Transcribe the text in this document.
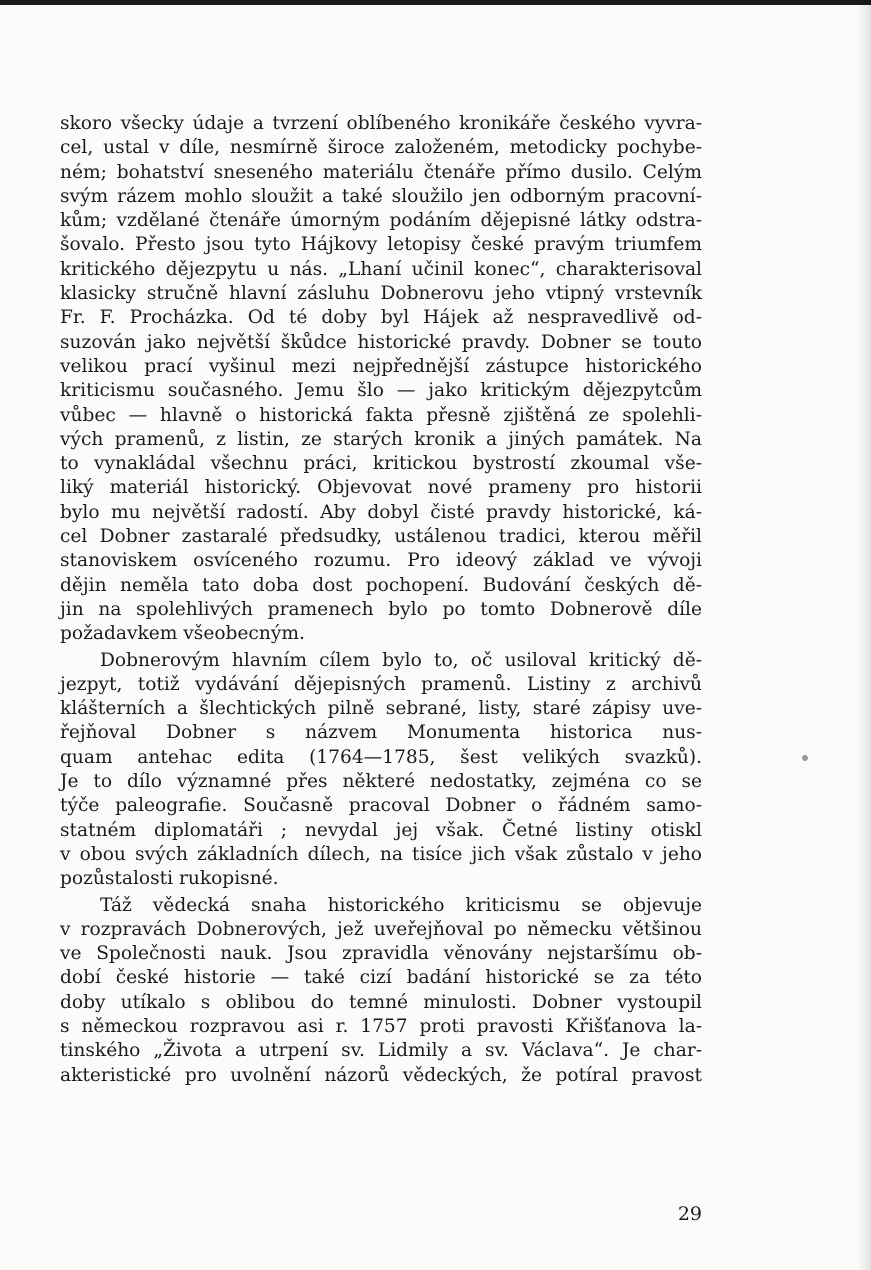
skoro všecky údaje a tvrzení oblíbeného kronikáře českého vyvra-
cel, ustal v díle, nesmírně široce založeném, metodicky pochybe-
ném; bohatství sneseného materiálu čtenáře přímo dusilo. Celým
svým rázem mohlo sloužit a také sloužilo jen odborným pracovní-
kům; vzdělané čtenáře úmorným podáním dějepisné látky odstra-
šovalo. Přesto jsou tyto Hájkovy letopisy české pravým triumfem
kritického dějezpytu u nás. „Lhaní učinil konec“, charakterisoval
klasicky stručně hlavní zásluhu Dobnerovu jeho vtipný vrstevník
Fr. F. Procházka. Od té doby byl Hájek až nespravedlivě od-
suzován jako největší škůdce historické pravdy. Dobner se touto
velikou prací vyšinul mezi nejpřednější zástupce historického
kriticismu současného. Jemu šlo — jako kritickým dějezpytcům
vůbec — hlavně o historická fakta přesně zjištěná ze spolehli-
vých pramenů, z listin, ze starých kronik a jiných památek. Na
to vynakládal všechnu práci, kritickou bystrostí zkoumal vše-
liký materiál historický. Objevovat nové prameny pro historii
bylo mu největší radostí. Aby dobyl čisté pravdy historické, ká-
cel Dobner zastaralé předsudky, ustálenou tradici, kterou měřil
stanoviskem osvíceného rozumu. Pro ideový základ ve vývoji
dějin neměla tato doba dost pochopení. Budování českých dě-
jin na spolehlivých pramenech bylo po tomto Dobnerově díle
požadavkem všeobecným.
Dobnerovým hlavním cílem bylo to, oč usiloval kritický dě-
jezpyt, totiž vydávání dějepisných pramenů. Listiny z archivů
klášterních a šlechtických pilně sebrané, listy, staré zápisy uve-
řejňoval Dobner s názvem Monumenta historica nus-
quam antehac edita (1764—1785, šest velikých svazků).
Je to dílo významné přes některé nedostatky, zejména co se
týče paleografie. Současně pracoval Dobner o řádném samo-
statném diplomatáři ; nevydal jej však. Četné listiny otiskl
v obou svých základních dílech, na tisíce jich však zůstalo v jeho
pozůstalosti rukopisné.
Táž vědecká snaha historického kriticismu se objevuje
v rozpravách Dobnerových, jež uveřejňoval po německu většinou
ve Společnosti nauk. Jsou zpravidla věnovány nejstaršímu ob-
dobí české historie — také cizí badání historické se za této
doby utíkalo s oblibou do temné minulosti. Dobner vystoupil
s německou rozpravou asi r. 1757 proti pravosti Křišťanova la-
tinského „Života a utrpení sv. Lidmily a sv. Václava“. Je char-
akteristické pro uvolnění názorů vědeckých, že potíral pravost
29
